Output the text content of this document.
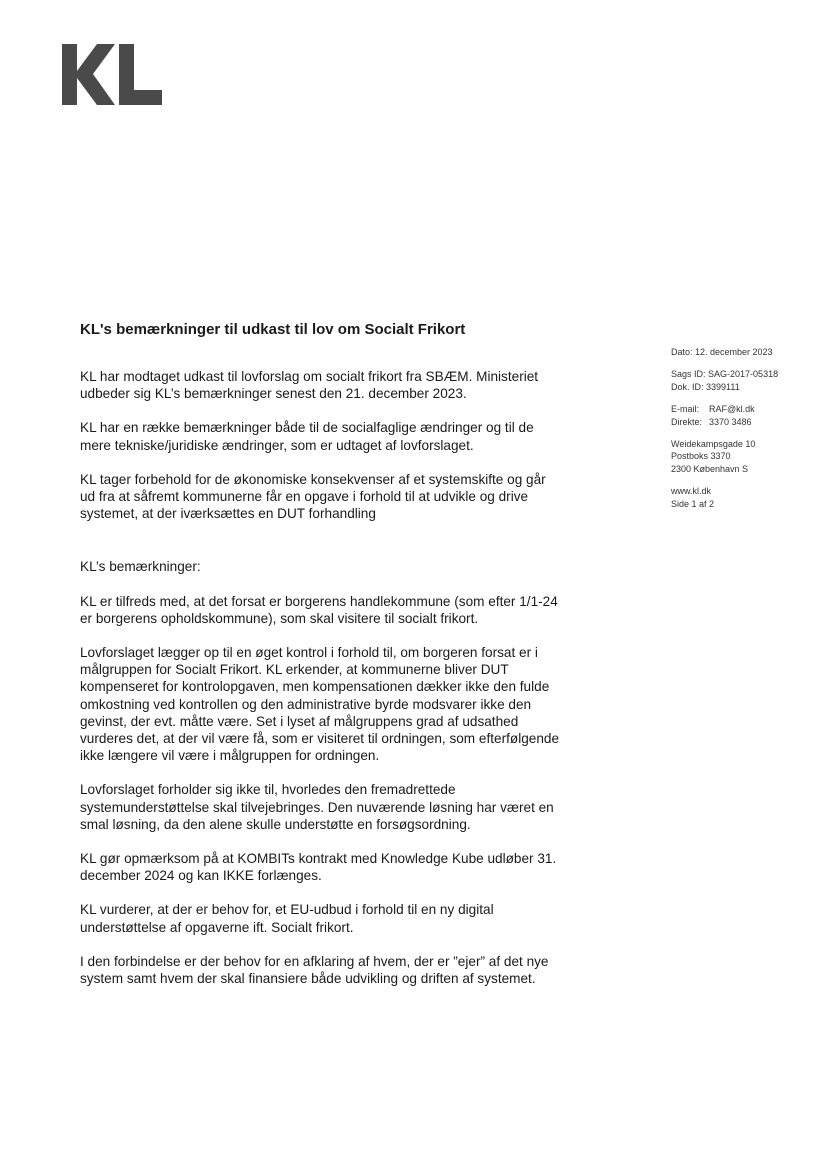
KL's bemærkninger til udkast til lov om Socialt Frikort

KL har modtaget udkast til lovforslag om socialt frikort fra SBÆM. Ministeriet udbeder sig KL’s bemærkninger senest den 21. december 2023.

KL har en række bemærkninger både til de socialfaglige ændringer og til de mere tekniske/juridiske ændringer, som er udtaget af lovforslaget.

KL tager forbehold for de økonomiske konsekvenser af et systemskifte og går ud fra at såfremt kommunerne får en opgave i forhold til at udvikle og drive systemet, at der iværksættes en DUT forhandling

KL’s bemærkninger:

KL er tilfreds med, at det forsat er borgerens handlekommune (som efter 1/1-24 er borgerens opholdskommune), som skal visitere til socialt frikort.

Lovforslaget lægger op til en øget kontrol i forhold til, om borgeren forsat er i målgruppen for Socialt Frikort. KL erkender, at kommunerne bliver DUT kompenseret for kontrolopgaven, men kompensationen dækker ikke den fulde omkostning ved kontrollen og den administrative byrde modsvarer ikke den gevinst, der evt. måtte være. Set i lyset af målgruppens grad af udsathed vurderes det, at der vil være få, som er visiteret til ordningen, som efterfølgende ikke længere vil være i målgruppen for ordningen.

Lovforslaget forholder sig ikke til, hvorledes den fremadrettede systemunderstøttelse skal tilvejebringes. Den nuværende løsning har været en smal løsning, da den alene skulle understøtte en forsøgsordning.

KL gør opmærksom på at KOMBITs kontrakt med Knowledge Kube udløber 31. december 2024 og kan IKKE forlænges.

KL vurderer, at der er behov for, et EU-udbud i forhold til en ny digital understøttelse af opgaverne ift. Socialt frikort.

I den forbindelse er der behov for en afklaring af hvem, der er ”ejer” af det nye system samt hvem der skal finansiere både udvikling og driften af systemet.

Dato: 12. december 2023
Sags ID: SAG-2017-05318
Dok. ID: 3399111
E-mail: RAF@kl.dk
Direkte: 3370 3486
Weidekampsgade 10
Postboks 3370
2300 København S
www.kl.dk
Side 1 af 2
